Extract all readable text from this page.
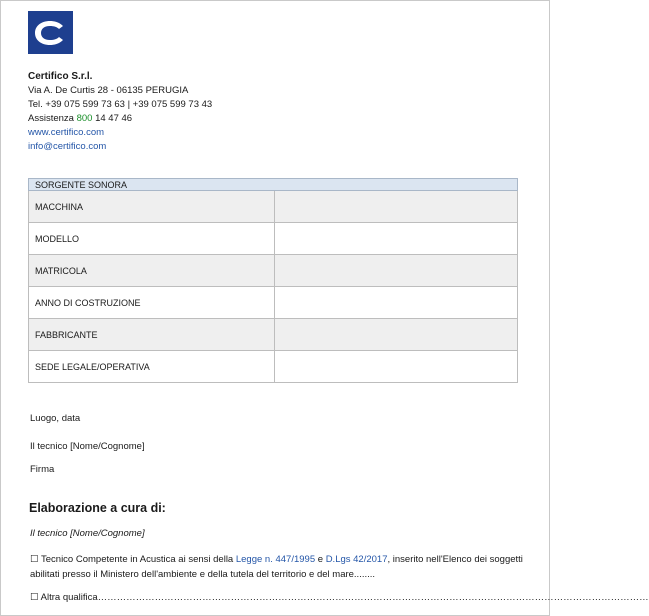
Certifico S.r.l.
Via A. De Curtis 28 - 06135 PERUGIA
Tel. +39 075 599 73 63 | +39 075 599 73 43
Assistenza 800 14 47 46
www.certifico.com
info@certifico.com
SORGENTE SONORA	
MACCHINA	
MODELLO	
MATRICOLA	
ANNO DI COSTRUZIONE	
FABBRICANTE	
SEDE LEGALE/OPERATIVA	
Luogo, data
Il tecnico [Nome/Cognome]
Firma
Elaborazione a cura di:
Il tecnico [Nome/Cognome]
☐ Tecnico Competente in Acustica ai sensi della Legge n. 447/1995 e D.Lgs 42/2017, inserito nell'Elenco dei soggetti abilitati presso il Ministero dell'ambiente e della tutela del territorio e del mare........
☐ Altra qualifica…………………………………………………………………………………………………………………………………………………………
